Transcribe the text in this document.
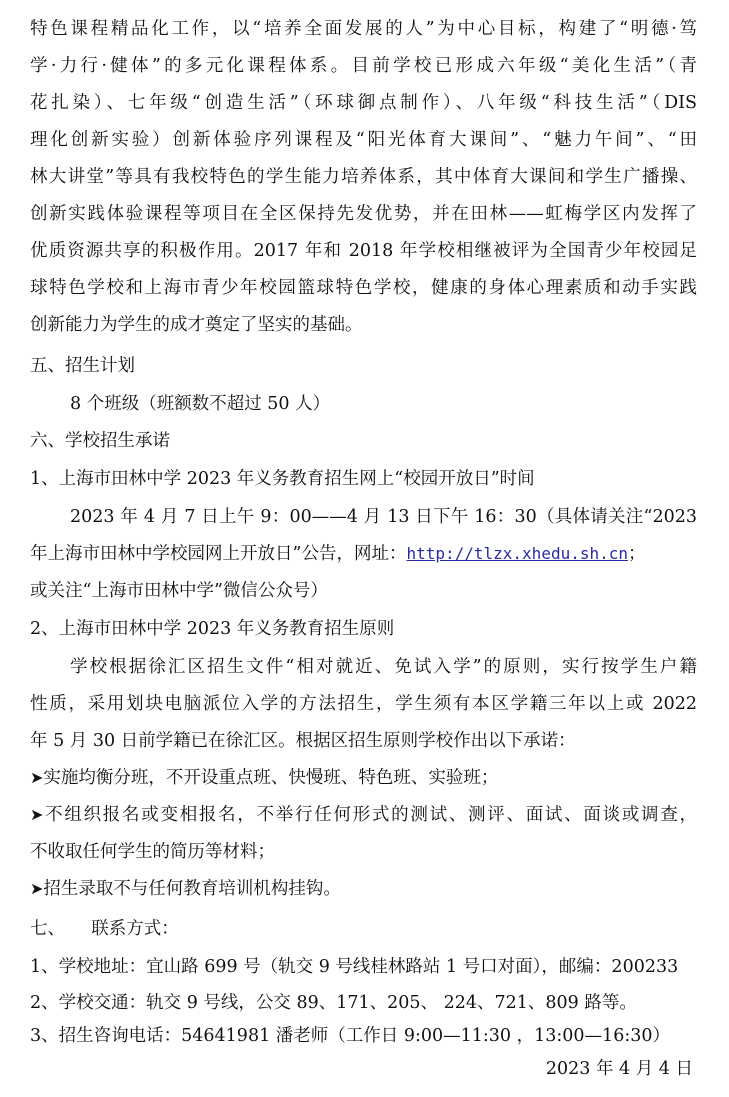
特色课程精品化工作，以“培养全面发展的人”为中心目标，构建了“明德·笃
学·力行·健体”的多元化课程体系。目前学校已形成六年级“美化生活”（青
花扎染）、七年级“创造生活”（环球御点制作）、八年级“科技生活”（DIS
理化创新实验）创新体验序列课程及“阳光体育大课间”、“魅力午间”、“田
林大讲堂”等具有我校特色的学生能力培养体系，其中体育大课间和学生广播操、
创新实践体验课程等项目在全区保持先发优势，并在田林——虹梅学区内发挥了
优质资源共享的积极作用。2017 年和 2018 年学校相继被评为全国青少年校园足
球特色学校和上海市青少年校园篮球特色学校，健康的身体心理素质和动手实践
创新能力为学生的成才奠定了坚实的基础。
五、招生计划
8 个班级（班额数不超过 50 人）
六、学校招生承诺
1、上海市田林中学 2023 年义务教育招生网上“校园开放日”时间
2023 年 4 月 7 日上午 9：00——4 月 13 日下午 16：30（具体请关注“2023
年上海市田林中学校园网上开放日”公告，网址：http://tlzx.xhedu.sh.cn；
或关注“上海市田林中学”微信公众号）
2、上海市田林中学 2023 年义务教育招生原则
学校根据徐汇区招生文件“相对就近、免试入学”的原则，实行按学生户籍
性质，采用划块电脑派位入学的方法招生，学生须有本区学籍三年以上或 2022
年 5 月 30 日前学籍已在徐汇区。根据区招生原则学校作出以下承诺：
➤实施均衡分班，不开设重点班、快慢班、特色班、实验班；
➤不组织报名或变相报名，不举行任何形式的测试、测评、面试、面谈或调查，
不收取任何学生的简历等材料；
➤招生录取不与任何教育培训机构挂钩。
七、　　联系方式：
1、学校地址：宜山路 699 号（轨交 9 号线桂林路站 1 号口对面），邮编：200233
2、学校交通：轨交 9 号线，公交 89、171、205、 224、721、809 路等。
3、招生咨询电话：54641981 潘老师（工作日 9:00—11:30 ，13:00—16:30）
2023 年 4 月 4 日
